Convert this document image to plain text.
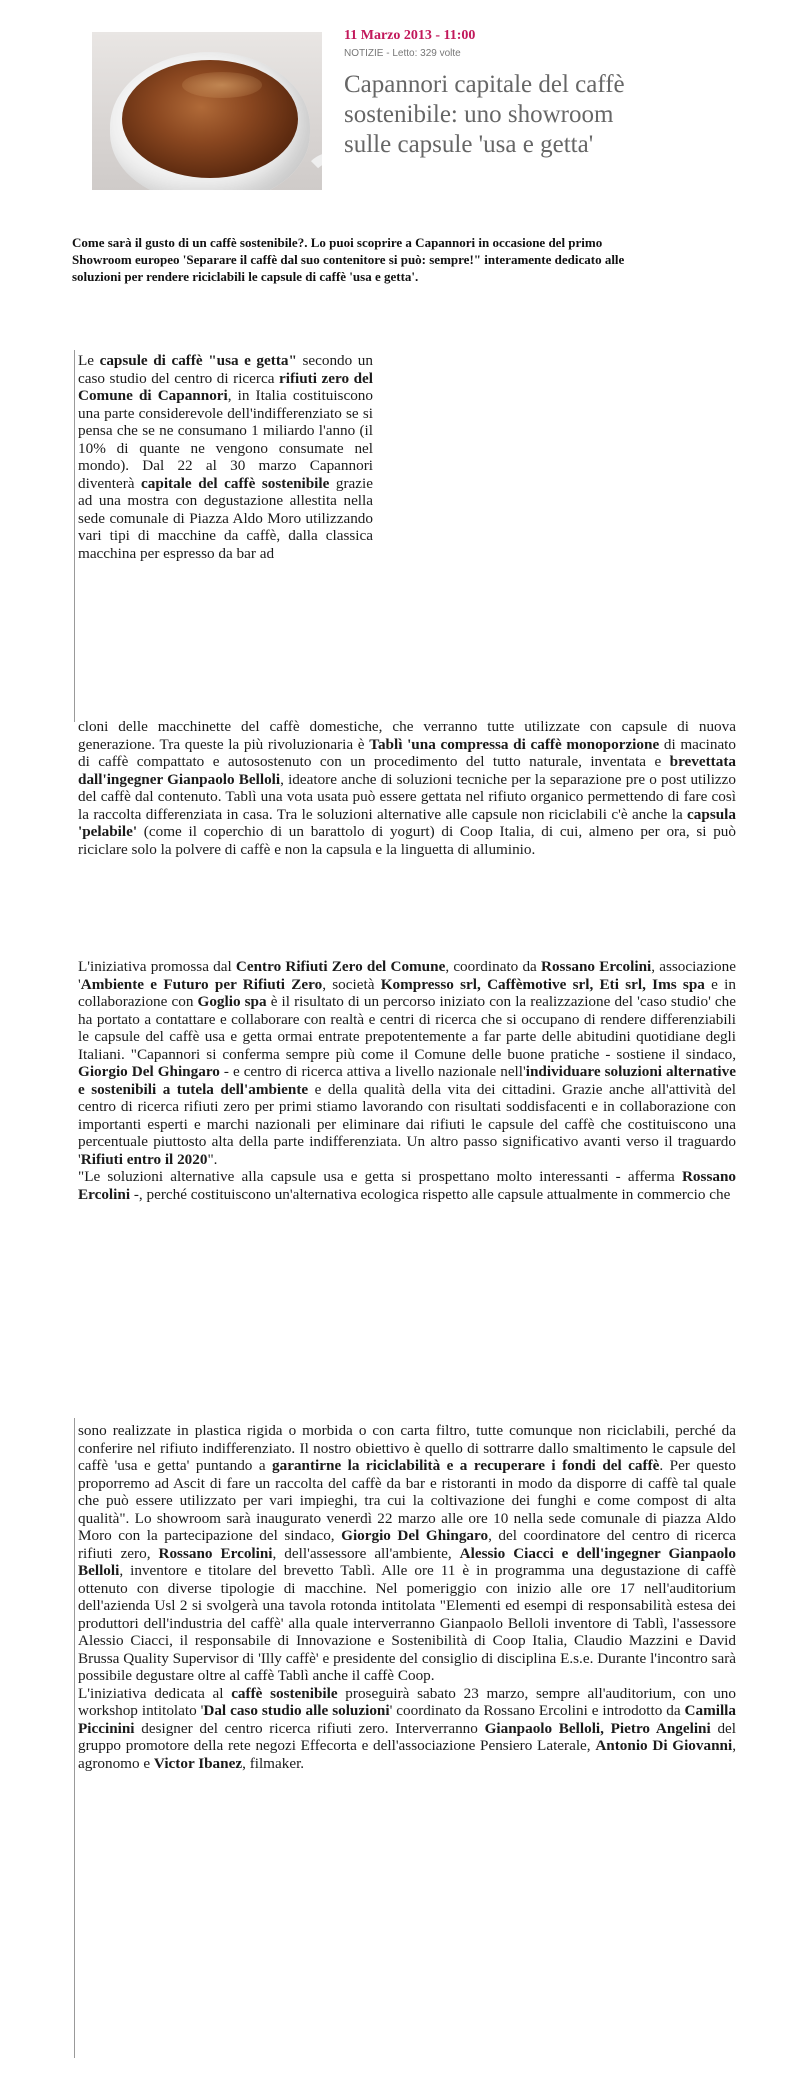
11 Marzo 2013 - 11:00
NOTIZIE - Letto: 329 volte
Capannori capitale del caffè sostenibile: uno showroom sulle capsule 'usa e getta'

Come sarà il gusto di un caffè sostenibile?. Lo puoi scoprire a Capannori in occasione del primo Showroom europeo 'Separare il caffè dal suo contenitore si può: sempre!" interamente dedicato alle soluzioni per rendere riciclabili le capsule di caffè 'usa e getta'.

Le capsule di caffè "usa e getta" secondo un caso studio del centro di ricerca rifiuti zero del Comune di Capannori, in Italia costituiscono una parte considerevole dell'indifferenziato se si pensa che se ne consumano 1 miliardo l'anno (il 10% di quante ne vengono consumate nel mondo). Dal 22 al 30 marzo Capannori diventerà capitale del caffè sostenibile grazie ad una mostra con degustazione allestita nella sede comunale di Piazza Aldo Moro utilizzando vari tipi di macchine da caffè, dalla classica macchina per espresso da bar ad

cloni delle macchinette del caffè domestiche, che verranno tutte utilizzate con capsule di nuova generazione. Tra queste la più rivoluzionaria è Tablì 'una compressa di caffè monoporzione di macinato di caffè compattato e autosostenuto con un procedimento del tutto naturale, inventata e brevettata dall'ingegner Gianpaolo Belloli, ideatore anche di soluzioni tecniche per la separazione pre o post utilizzo del caffè dal contenuto. Tablì una vota usata può essere gettata nel rifiuto organico permettendo di fare così la raccolta differenziata in casa. Tra le soluzioni alternative alle capsule non riciclabili c'è anche la capsula 'pelabile' (come il coperchio di un barattolo di yogurt) di Coop Italia, di cui, almeno per ora, si può riciclare solo la polvere di caffè e non la capsula e la linguetta di alluminio.

L'iniziativa promossa dal Centro Rifiuti Zero del Comune, coordinato da Rossano Ercolini, associazione 'Ambiente e Futuro per Rifiuti Zero, società Kompresso srl, Caffèmotive srl, Eti srl, Ims spa e in collaborazione con Goglio spa è il risultato di un percorso iniziato con la realizzazione del 'caso studio' che ha portato a contattare e collaborare con realtà e centri di ricerca che si occupano di rendere differenziabili le capsule del caffè usa e getta ormai entrate prepotentemente a far parte delle abitudini quotidiane degli Italiani. "Capannori si conferma sempre più come il Comune delle buone pratiche - sostiene il sindaco, Giorgio Del Ghingaro - e centro di ricerca attiva a livello nazionale nell'individuare soluzioni alternative e sostenibili a tutela dell'ambiente e della qualità della vita dei cittadini. Grazie anche all'attività del centro di ricerca rifiuti zero per primi stiamo lavorando con risultati soddisfacenti e in collaborazione con importanti esperti e marchi nazionali per eliminare dai rifiuti le capsule del caffè che costituiscono una percentuale piuttosto alta della parte indifferenziata. Un altro passo significativo avanti verso il traguardo 'Rifiuti entro il 2020".

"Le soluzioni alternative alla capsule usa e getta si prospettano molto interessanti - afferma Rossano Ercolini -, perché costituiscono un'alternativa ecologica rispetto alle capsule attualmente in commercio che

sono realizzate in plastica rigida o morbida o con carta filtro, tutte comunque non riciclabili, perché da conferire nel rifiuto indifferenziato. Il nostro obiettivo è quello di sottrarre dallo smaltimento le capsule del caffè 'usa e getta' puntando a garantirne la riciclabilità e a recuperare i fondi del caffè. Per questo proporremo ad Ascit di fare un raccolta del caffè da bar e ristoranti in modo da disporre di caffè tal quale che può essere utilizzato per vari impieghi, tra cui la coltivazione dei funghi e come compost di alta qualità". Lo showroom sarà inaugurato venerdì 22 marzo alle ore 10 nella sede comunale di piazza Aldo Moro con la partecipazione del sindaco, Giorgio Del Ghingaro, del coordinatore del centro di ricerca rifiuti zero, Rossano Ercolini, dell'assessore all'ambiente, Alessio Ciacci e dell'ingegner Gianpaolo Belloli, inventore e titolare del brevetto Tablì. Alle ore 11 è in programma una degustazione di caffè ottenuto con diverse tipologie di macchine. Nel pomeriggio con inizio alle ore 17 nell'auditorium dell'azienda Usl 2 si svolgerà una tavola rotonda intitolata "Elementi ed esempi di responsabilità estesa dei produttori dell'industria del caffè' alla quale interverranno Gianpaolo Belloli inventore di Tablì, l'assessore Alessio Ciacci, il responsabile di Innovazione e Sostenibilità di Coop Italia, Claudio Mazzini e David Brussa Quality Supervisor di 'Illy caffè' e presidente del consiglio di disciplina E.s.e. Durante l'incontro sarà possibile degustare oltre al caffè Tablì anche il caffè Coop.

L'iniziativa dedicata al caffè sostenibile proseguirà sabato 23 marzo, sempre all'auditorium, con uno workshop intitolato 'Dal caso studio alle soluzioni' coordinato da Rossano Ercolini e introdotto da Camilla Piccinini designer del centro ricerca rifiuti zero. Interverranno Gianpaolo Belloli, Pietro Angelini del gruppo promotore della rete negozi Effecorta e dell'associazione Pensiero Laterale, Antonio Di Giovanni, agronomo e Victor Ibanez, filmaker.
